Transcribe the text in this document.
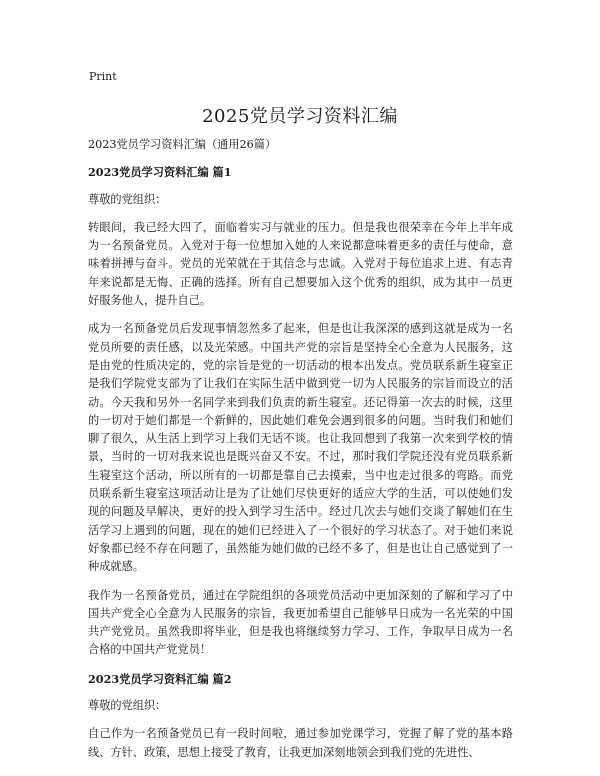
Print
2025党员学习资料汇编

2023党员学习资料汇编（通用26篇）

2023党员学习资料汇编 篇1

尊敬的党组织：

转眼间，我已经大四了，面临着实习与就业的压力。但是我也很荣幸在今年上半年成为一名预备党员。入党对于每一位想加入她的人来说都意味着更多的责任与使命，意味着拼搏与奋斗。党员的光荣就在于其信念与忠诚。入党对于每位追求上进、有志青年来说都是无悔、正确的选择。所有自己想要加入这个优秀的组织，成为其中一员更好服务他人，提升自己。

成为一名预备党员后发现事情忽然多了起来，但是也让我深深的感到这就是成为一名党员所要的责任感，以及光荣感。中国共产党的宗旨是坚持全心全意为人民服务，这是由党的性质决定的，党的宗旨是党的一切活动的根本出发点。党员联系新生寝室正是我们学院党支部为了让我们在实际生活中做到党一切为人民服务的宗旨而设立的活动。今天我和另外一名同学来到我们负责的新生寝室。还记得第一次去的时候，这里的一切对于她们都是一个新鲜的，因此她们难免会遇到很多的问题。当时我们和她们聊了很久，从生活上到学习上我们无话不谈。也让我回想到了我第一次来到学校的情景，当时的一切对我来说也是既兴奋又不安。不过，那时我们学院还没有党员联系新生寝室这个活动，所以所有的一切都是靠自己去摸索，当中也走过很多的弯路。而党员联系新生寝室这项活动让是为了让她们尽快更好的适应大学的生活，可以使她们发现的问题及早解决，更好的投入到学习生活中。经过几次去与她们交谈了解她们在生活学习上遇到的问题，现在的她们已经进入了一个很好的学习状态了。对于她们来说好象都已经不存在问题了，虽然能为她们做的已经不多了，但是也让自己感觉到了一种成就感。

我作为一名预备党员，通过在学院组织的各项党员活动中更加深刻的了解和学习了中国共产党全心全意为人民服务的宗旨，我更加希望自己能够早日成为一名光荣的中国共产党党员。虽然我即将毕业，但是我也将继续努力学习、工作，争取早日成为一名合格的中国共产党党员！

2023党员学习资料汇编 篇2

尊敬的党组织：

自己作为一名预备党员已有一段时间啦，通过参加党课学习，党握了解了党的基本路线、方针、政策，思想上接受了教育，让我更加深刻地领会到我们党的先进性、
